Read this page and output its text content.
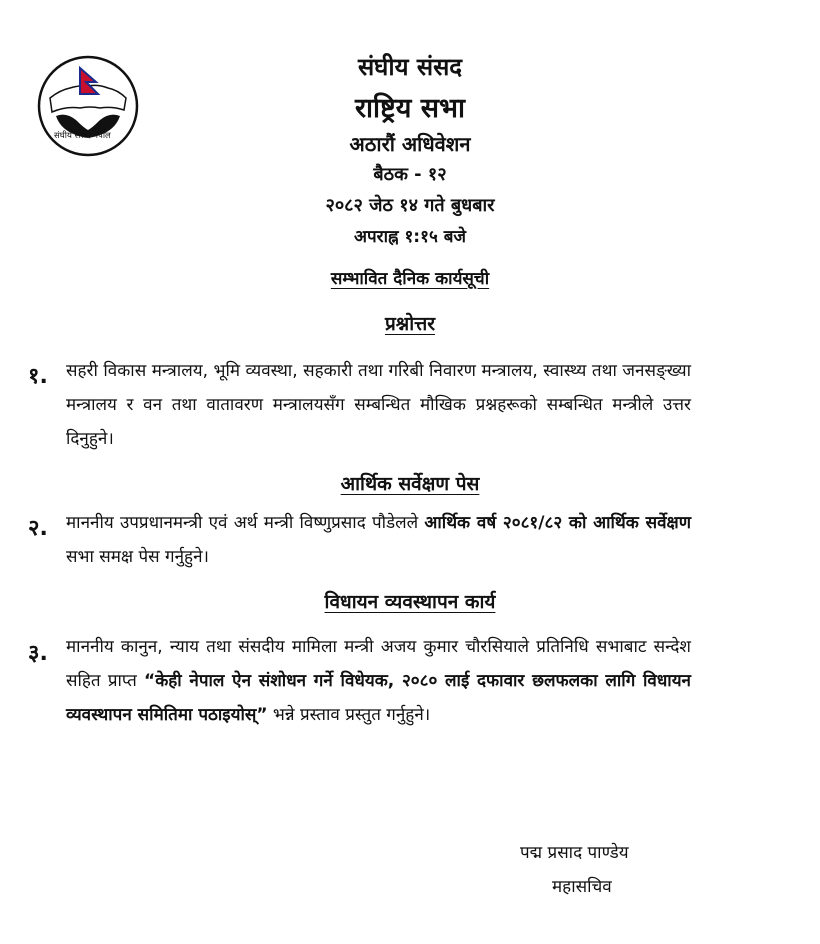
संघीय संसद नेपाल
संघीय संसद
राष्ट्रिय सभा
अठारौं अधिवेशन
बैठक - १२
२०८२ जेठ १४ गते बुधबार
अपराह्न १:१५ बजे
सम्भावित दैनिक कार्यसूची
प्रश्नोत्तर
१. सहरी विकास मन्त्रालय, भूमि व्यवस्था, सहकारी तथा गरिबी निवारण मन्त्रालय, स्वास्थ्य तथा जनसङ्ख्या मन्त्रालय र वन तथा वातावरण मन्त्रालयसँग सम्बन्धित मौखिक प्रश्नहरूको सम्बन्धित मन्त्रीले उत्तर दिनुहुने।
आर्थिक सर्वेक्षण पेस
२. माननीय उपप्रधानमन्त्री एवं अर्थ मन्त्री विष्णुप्रसाद पौडेलले आर्थिक वर्ष २०८१/८२ को आर्थिक सर्वेक्षण सभा समक्ष पेस गर्नुहुने।
विधायन व्यवस्थापन कार्य
३. माननीय कानुन, न्याय तथा संसदीय मामिला मन्त्री अजय कुमार चौरसियाले प्रतिनिधि सभाबाट सन्देश सहित प्राप्त “केही नेपाल ऐन संशोधन गर्ने विधेयक, २०८० लाई दफावार छलफलका लागि विधायन व्यवस्थापन समितिमा पठाइयोस्” भन्ने प्रस्ताव प्रस्तुत गर्नुहुने।
पद्म प्रसाद पाण्डेय
महासचिव
